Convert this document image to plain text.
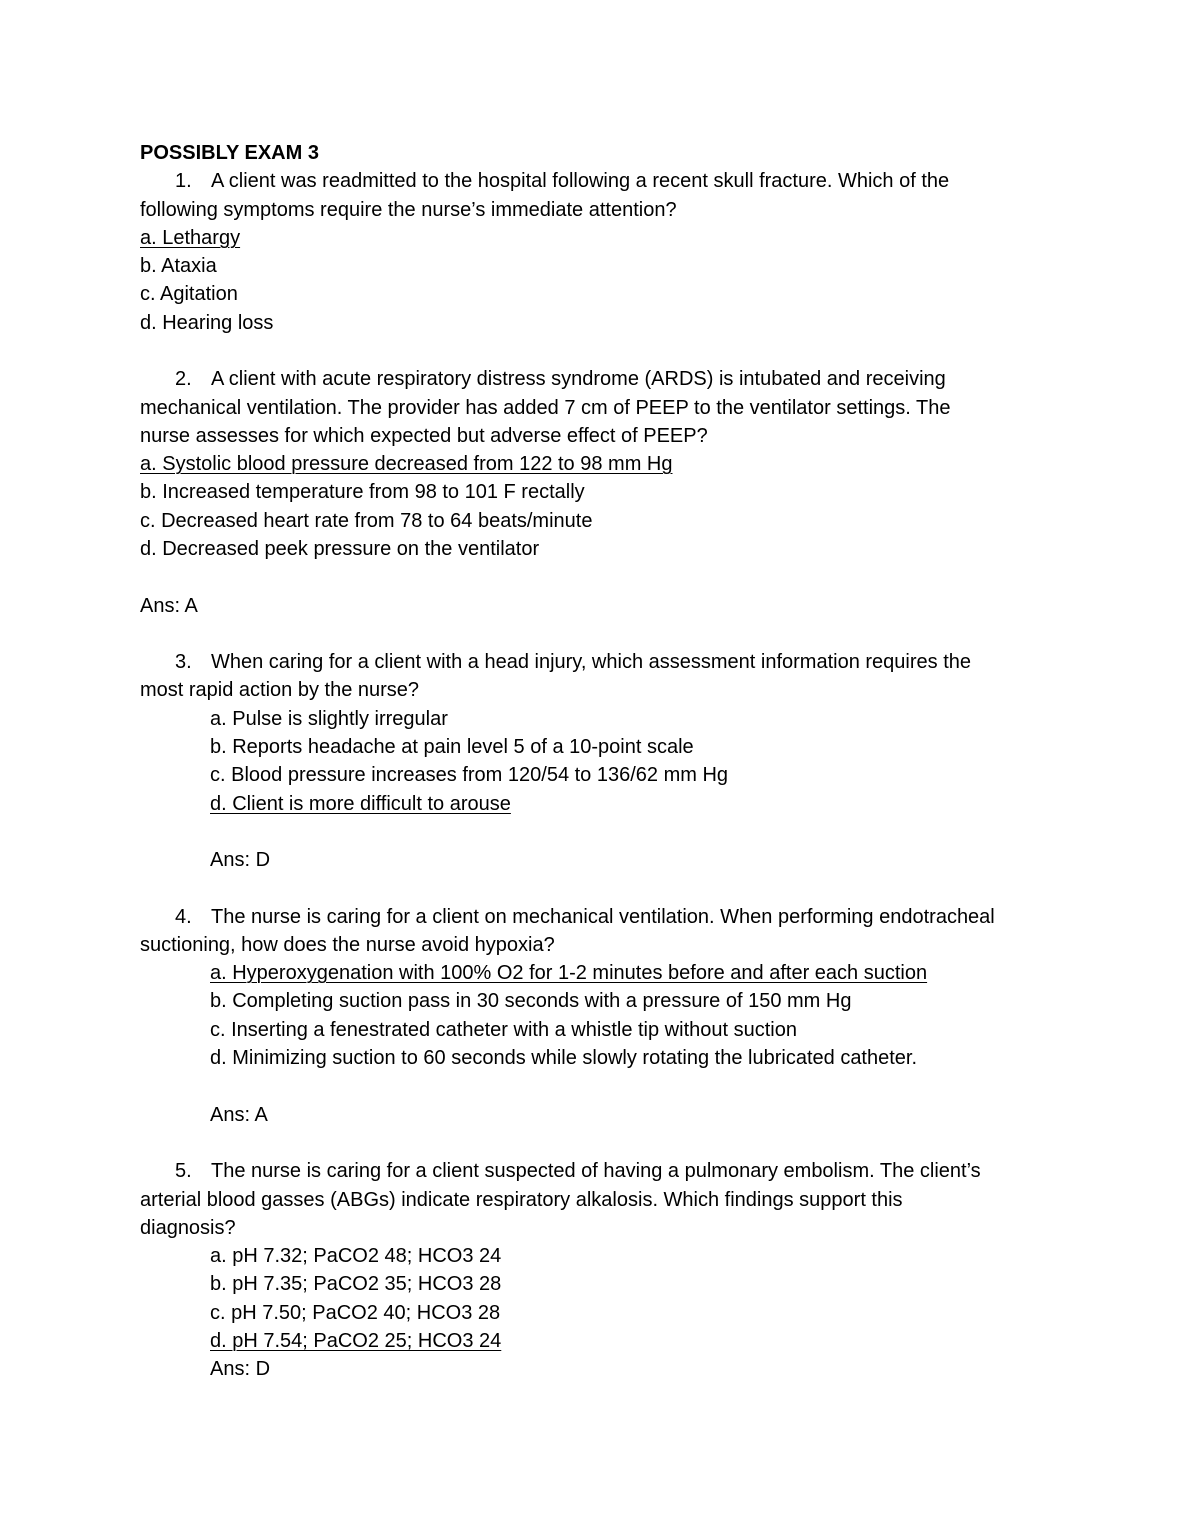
POSSIBLY EXAM 3
1. A client was readmitted to the hospital following a recent skull fracture. Which of the
following symptoms require the nurse’s immediate attention?
a. Lethargy
b. Ataxia
c. Agitation
d. Hearing loss
2. A client with acute respiratory distress syndrome (ARDS) is intubated and receiving
mechanical ventilation. The provider has added 7 cm of PEEP to the ventilator settings. The
nurse assesses for which expected but adverse effect of PEEP?
a. Systolic blood pressure decreased from 122 to 98 mm Hg
b. Increased temperature from 98 to 101 F rectally
c. Decreased heart rate from 78 to 64 beats/minute
d. Decreased peek pressure on the ventilator
Ans: A
3. When caring for a client with a head injury, which assessment information requires the
most rapid action by the nurse?
a. Pulse is slightly irregular
b. Reports headache at pain level 5 of a 10-point scale
c. Blood pressure increases from 120/54 to 136/62 mm Hg
d. Client is more difficult to arouse
Ans: D
4. The nurse is caring for a client on mechanical ventilation. When performing endotracheal
suctioning, how does the nurse avoid hypoxia?
a. Hyperoxygenation with 100% O2 for 1-2 minutes before and after each suction
b. Completing suction pass in 30 seconds with a pressure of 150 mm Hg
c. Inserting a fenestrated catheter with a whistle tip without suction
d. Minimizing suction to 60 seconds while slowly rotating the lubricated catheter.
Ans: A
5. The nurse is caring for a client suspected of having a pulmonary embolism. The client’s
arterial blood gasses (ABGs) indicate respiratory alkalosis. Which findings support this
diagnosis?
a. pH 7.32; PaCO2 48; HCO3 24
b. pH 7.35; PaCO2 35; HCO3 28
c. pH 7.50; PaCO2 40; HCO3 28
d. pH 7.54; PaCO2 25; HCO3 24
Ans: D
